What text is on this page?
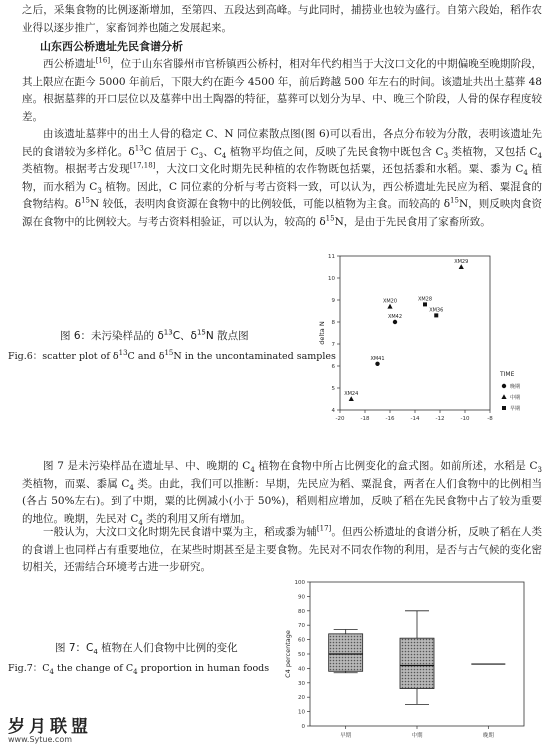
之后，采集食物的比例逐渐增加，至第四、五段达到高峰。与此同时，捕捞业也较为盛行。自第六段始，稻作农业得以逐步推广，家畜饲养也随之发展起来。

山东西公桥遗址先民食谱分析

西公桥遗址[16]，位于山东省滕州市官桥镇西公桥村，相对年代约相当于大汶口文化的中期偏晚至晚期阶段，其上限应在距今 5000 年前后，下限大约在距今 4500 年，前后跨越 500 年左右的时间。该遗址共出土墓葬 48 座。根据墓葬的开口层位以及墓葬中出土陶器的特征，墓葬可以划分为早、中、晚三个阶段，人骨的保存程度较差。

由该遗址墓葬中的出土人骨的稳定 C、N 同位素散点图(图 6)可以看出，各点分布较为分散，表明该遗址先民的食谱较为多样化。$\delta^{13}C$ 值居于 $C_3$、$C_4$ 植物平均值之间，反映了先民食物中既包含 $C_3$ 类植物，又包括 $C_4$ 类植物。根据考古发现[17,18]，大汶口文化时期先民种植的农作物既包括粟，还包括黍和水稻。粟、黍为 $C_4$ 植物，而水稻为 $C_3$ 植物。因此，C 同位素的分析与考古资料一致，可以认为，西公桥遗址先民应为稻、粟混食的食物结构。$\delta^{15}N$ 较低，表明肉食资源在食物中的比例较低，可能以植物为主食。而较高的 $\delta^{15}N$，则反映肉食资源在食物中的比例较大。与考古资料相验证，可以认为，较高的 $\delta^{15}N$，是由于先民食用了家畜所致。

图 6：未污染样品的 $\delta^{13}C$、$\delta^{15}N$ 散点图

Fig.6：scatter plot of $\delta^{13}C$ and $\delta^{15}N$ in the uncontaminated samples

-20	-18	-16	-14	-12	-10	-8
4
5
6
7
8
9
10
11
delta N
XM29
XM28
XM36
XM20
XM42
XM41
XM24
TIME
晚期
中期
早期

图 7 是未污染样品在遗址早、中、晚期的 $C_4$ 植物在食物中所占比例变化的盒式图。如前所述，水稻是 $C_3$ 类植物，而粟、黍属 $C_4$ 类。由此，我们可以推断：早期，先民应为稻、粟混食，两者在人们食物中的比例相当(各占 50%左右)。到了中期，粟的比例减小(小于 50%)，稻则相应增加，反映了稻在先民食物中占了较为重要的地位。晚期，先民对 $C_4$ 类的利用又所有增加。

一般认为，大汶口文化时期先民食谱中粟为主，稻或黍为辅[17]。但西公桥遗址的食谱分析，反映了稻在人类的食谱上也同样占有重要地位，在某些时期甚至是主要食物。先民对不同农作物的利用，是否与古气候的变化密切相关，还需结合环境考古进一步研究。

图 7：$C_4$ 植物在人们食物中比例的变化

Fig.7：$C_4$ the change of $C_4$ proportion in human foods

0
10
20
30
40
50
60
70
80
90
100
C4 percentage
早期	中期	晚期
岁月联盟
www.Sytue.com
